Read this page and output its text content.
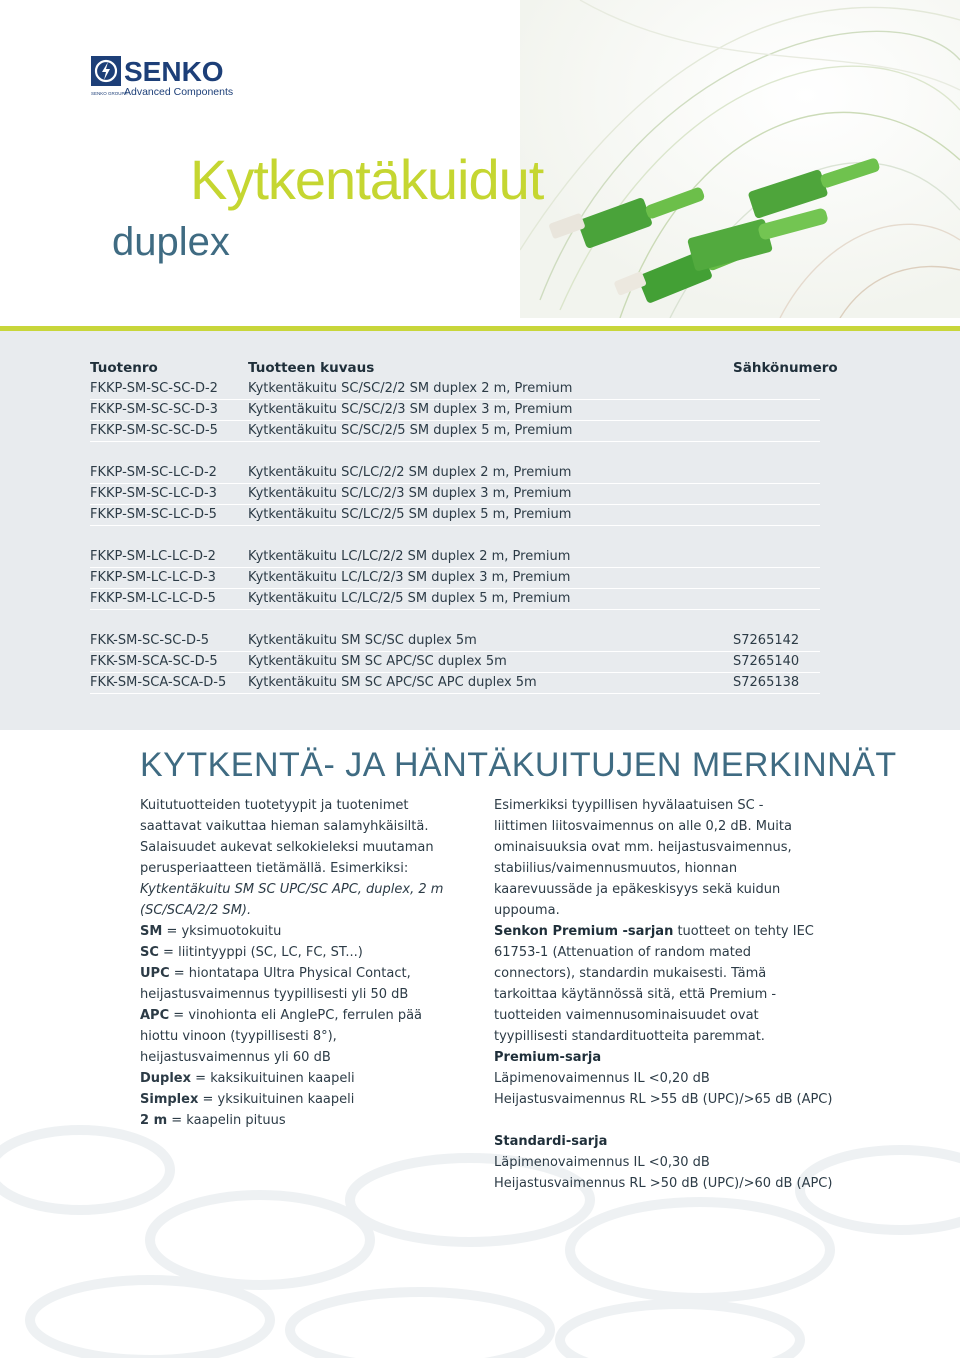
SENKO
SENKO GROUP®
Advanced Components
Kytkentäkuidut
duplex
Tuotenro	Tuotteen kuvaus	Sähkönumero
FKKP-SM-SC-SC-D-2 Kytkentäkuitu SC/SC/2/2 SM duplex 2 m, Premium
FKKP-SM-SC-SC-D-3 Kytkentäkuitu SC/SC/2/3 SM duplex 3 m, Premium
FKKP-SM-SC-SC-D-5 Kytkentäkuitu SC/SC/2/5 SM duplex 5 m, Premium
FKKP-SM-SC-LC-D-2 Kytkentäkuitu SC/LC/2/2 SM duplex 2 m, Premium
FKKP-SM-SC-LC-D-3 Kytkentäkuitu SC/LC/2/3 SM duplex 3 m, Premium
FKKP-SM-SC-LC-D-5 Kytkentäkuitu SC/LC/2/5 SM duplex 5 m, Premium
FKKP-SM-LC-LC-D-2 Kytkentäkuitu LC/LC/2/2 SM duplex 2 m, Premium
FKKP-SM-LC-LC-D-3 Kytkentäkuitu LC/LC/2/3 SM duplex 3 m, Premium
FKKP-SM-LC-LC-D-5 Kytkentäkuitu LC/LC/2/5 SM duplex 5 m, Premium
FKK-SM-SC-SC-D-5	Kytkentäkuitu SM SC/SC duplex 5m	S7265142
FKK-SM-SCA-SC-D-5 Kytkentäkuitu SM SC APC/SC duplex 5m	S7265140
FKK-SM-SCA-SCA-D-5 Kytkentäkuitu SM SC APC/SC APC duplex 5m	S7265138
KYTKENTÄ- JA HÄNTÄKUITUJEN MERKINNÄT
Kuitutuotteiden tuotetyypit ja tuotenimet saattavat vaikuttaa hieman salamyhkäisiltä. Salaisuudet aukevat selkokieleksi muutaman perusperiaatteen tietämällä. Esimerkiksi: Kytkentäkuitu SM SC UPC/SC APC, duplex, 2 m (SC/SCA/2/2 SM).
Esimerkiksi tyypillisen hyvälaatuisen SC -liittimen liitosvaimennus on alle 0,2 dB. Muita ominaisuuksia ovat mm. heijastusvaimennus, stabiilius/vaimennusmuutos, hionnan kaarevuussäde ja epäkeskisyys sekä kuidun uppouma.
SM = yksimuotokuitu
SC = liitintyyppi (SC, LC, FC, ST...)
UPC = hiontatapa Ultra Physical Contact, heijastusvaimennus tyypillisesti yli 50 dB
APC = vinohionta eli AnglePC, ferrulen pää hiottu vinoon (tyypillisesti 8°), heijastusvaimennus yli 60 dB
Duplex = kaksikuituinen kaapeli
Simplex = yksikuituinen kaapeli
2 m = kaapelin pituus
Senkon Premium -sarjan tuotteet on tehty IEC 61753-1 (Attenuation of random mated connectors), standardin mukaisesti. Tämä tarkoittaa käytännössä sitä, että Premium -tuotteiden vaimennusominaisuudet ovat tyypillisesti standardituotteita paremmat.
Premium-sarja
Läpimenovaimennus IL <0,20 dB
Heijastusvaimennus RL >55 dB (UPC)/>65 dB (APC)
Standardi-sarja
Läpimenovaimennus IL <0,30 dB
Heijastusvaimennus RL >50 dB (UPC)/>60 dB (APC)
